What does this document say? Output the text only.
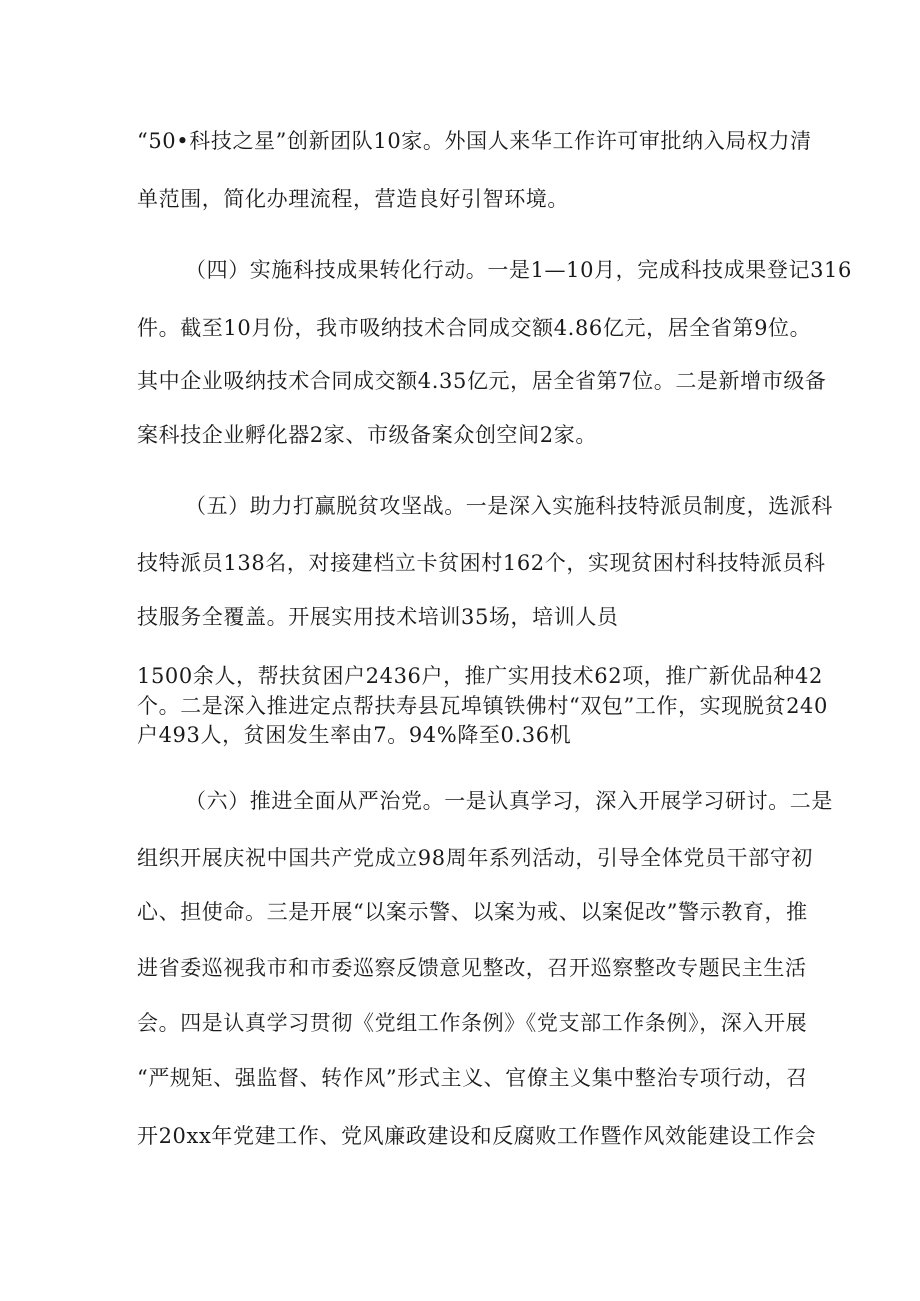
“50•科技之星”创新团队10家。外国人来华工作许可审批纳入局权力清
单范围，简化办理流程，营造良好引智环境。
（四）实施科技成果转化行动。一是1—10月，完成科技成果登记316
件。截至10月份，我市吸纳技术合同成交额4.86亿元，居全省第9位。
其中企业吸纳技术合同成交额4.35亿元，居全省第7位。二是新增市级备
案科技企业孵化器2家、市级备案众创空间2家。
（五）助力打赢脱贫攻坚战。一是深入实施科技特派员制度，选派科
技特派员138名，对接建档立卡贫困村162个，实现贫困村科技特派员科
技服务全覆盖。开展实用技术培训35场，培训人员
1500余人，帮扶贫困户2436户，推广实用技术62项，推广新优品种42
个。二是深入推进定点帮扶寿县瓦埠镇铁佛村“双包”工作，实现脱贫240
户493人，贫困发生率由7。94%降至0.36机
（六）推进全面从严治党。一是认真学习，深入开展学习研讨。二是
组织开展庆祝中国共产党成立98周年系列活动，引导全体党员干部守初
心、担使命。三是开展“以案示警、以案为戒、以案促改”警示教育，推
进省委巡视我市和市委巡察反馈意见整改，召开巡察整改专题民主生活
会。四是认真学习贯彻《党组工作条例》《党支部工作条例》，深入开展
“严规矩、强监督、转作风”形式主义、官僚主义集中整治专项行动，召
开20xx年党建工作、党风廉政建设和反腐败工作暨作风效能建设工作会
